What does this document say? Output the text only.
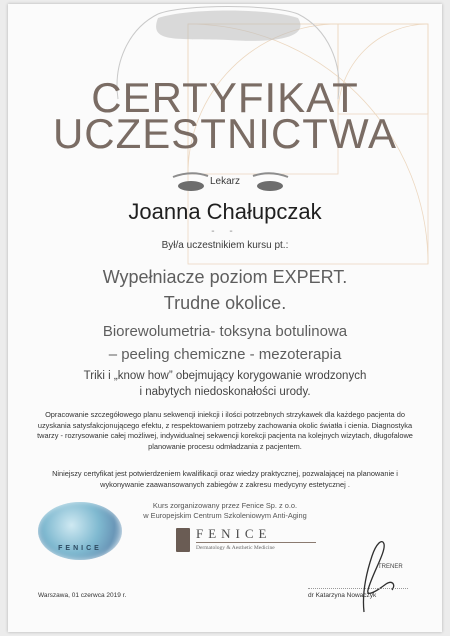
CERTYFIKAT
UCZESTNICTWA
Lekarz
Joanna Chałupczak
- -
Był/a uczestnikiem kursu pt.:
Wypełniacze poziom EXPERT.
Trudne okolice.
Biorewolumetria- toksyna botulinowa
– peeling chemiczne - mezoterapia
Triki i „know how” obejmujący korygowanie wrodzonych
i nabytych niedoskonałości urody.
Opracowanie szczegółowego planu sekwencji iniekcji i ilości potrzebnych strzykawek dla każdego pacjenta do uzyskania satysfakcjonującego efektu, z respektowaniem potrzeby zachowania okolic światła i cienia. Diagnostyka twarzy - rozrysowanie całej możliwej, indywidualnej sekwencji korekcji pacjenta na kolejnych wizytach, długofalowe planowanie procesu odmładzania z pacjentem.
Niniejszy certyfikat jest potwierdzeniem kwalifikacji oraz wiedzy praktycznej, pozwalającej na planowanie i wykonywanie zaawansowanych zabiegów z zakresu medycyny estetycznej .
Kurs zorganizowany przez Fenice Sp. z o.o.
w Europejskim Centrum Szkoleniowym Anti-Aging
FENICE
FENICE
Dermatology & Aesthetic Medicine
TRENER
Warszawa, 01 czerwca 2019 r.	dr Katarzyna Nowaczyk
